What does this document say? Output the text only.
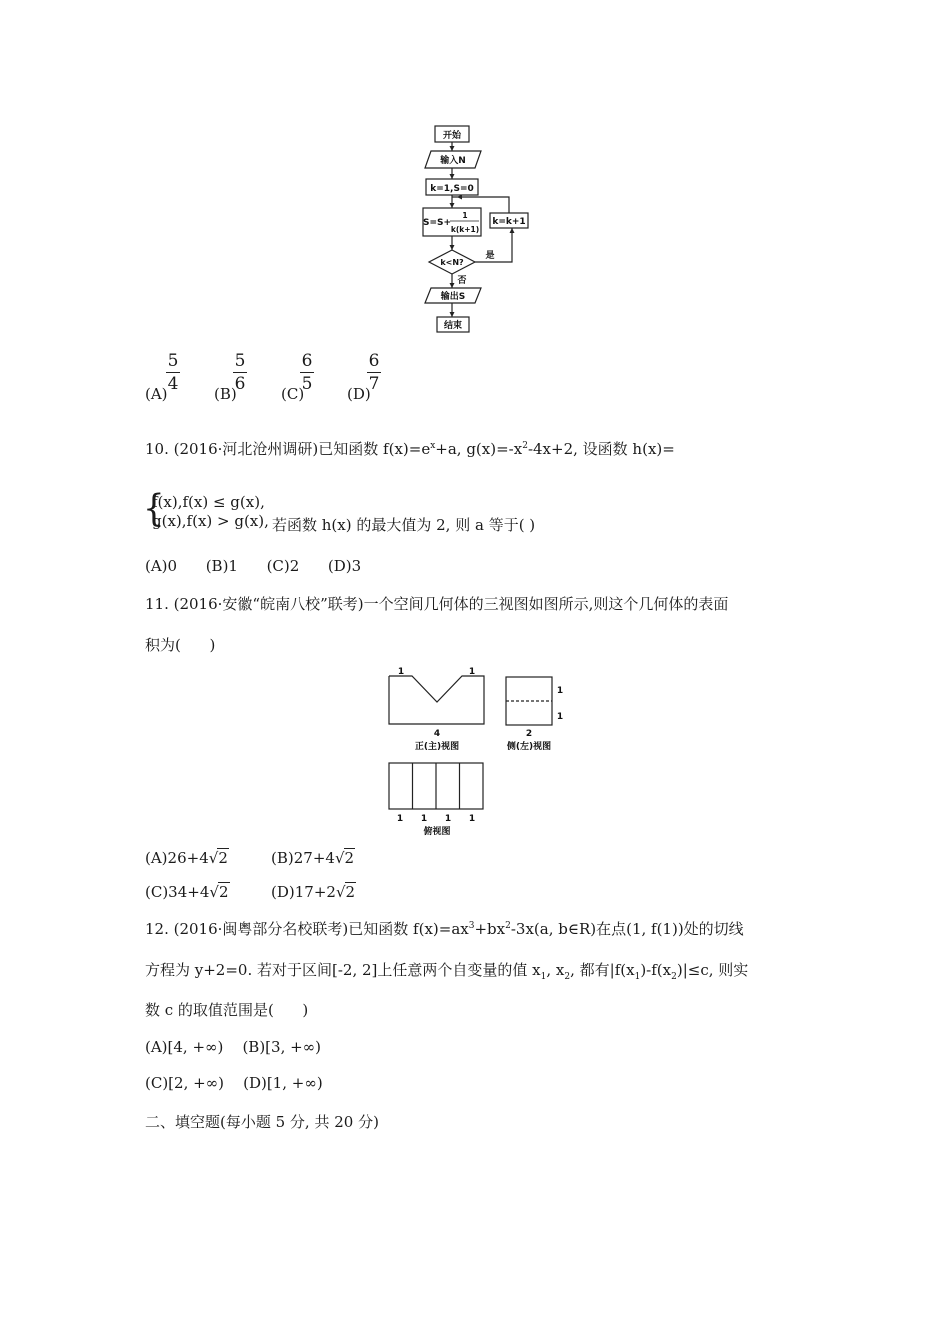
开始
输入N
k=1,S=0
S=S+
1
k(k+1)
k=k+1
k<N?
是
否
输出S
结束
(A)
$\frac{5}{4}$
(B)
$\frac{5}{6}$
(C)
$\frac{6}{5}$
(D)
$\frac{6}{7}$
10. (2016·河北沧州调研)已知函数 $f(x)=e^x+a$, $g(x)=-x^2-4x+2$, 设函数 h(x)=
{
f(x),f(x) ≤ g(x),
g(x),f(x) > g(x), 若函数 h(x) 的最大值为 2, 则 a 等于( )
(A)0      (B)1      (C)2      (D)3
11. (2016·安徽“皖南八校”联考)一个空间几何体的三视图如图所示,则这个几何体的表面
积为(      )
1	1
4
正(主)视图
1
1
2
侧(左)视图
1 1 1 1
俯视图
(A)26+4√2	(B)27+4√2
(C)34+4√2	(D)17+2√2
12. (2016·闽粤部分名校联考)已知函数 $f(x)=ax^3+bx^2-3x(a$, b∈R)在点(1, f(1))处的切线
方程为 y+2=0. 若对于区间[-2, 2]上任意两个自变量的值 $x_1$, $x_2$, 都有$|f(x_1)-f(x_2)|\le c$, 则实
数 c 的取值范围是(      )
(A)[4, +∞)    (B)[3, +∞)
(C)[2, +∞)    (D)[1, +∞)
二、填空题(每小题 5 分, 共 20 分)
